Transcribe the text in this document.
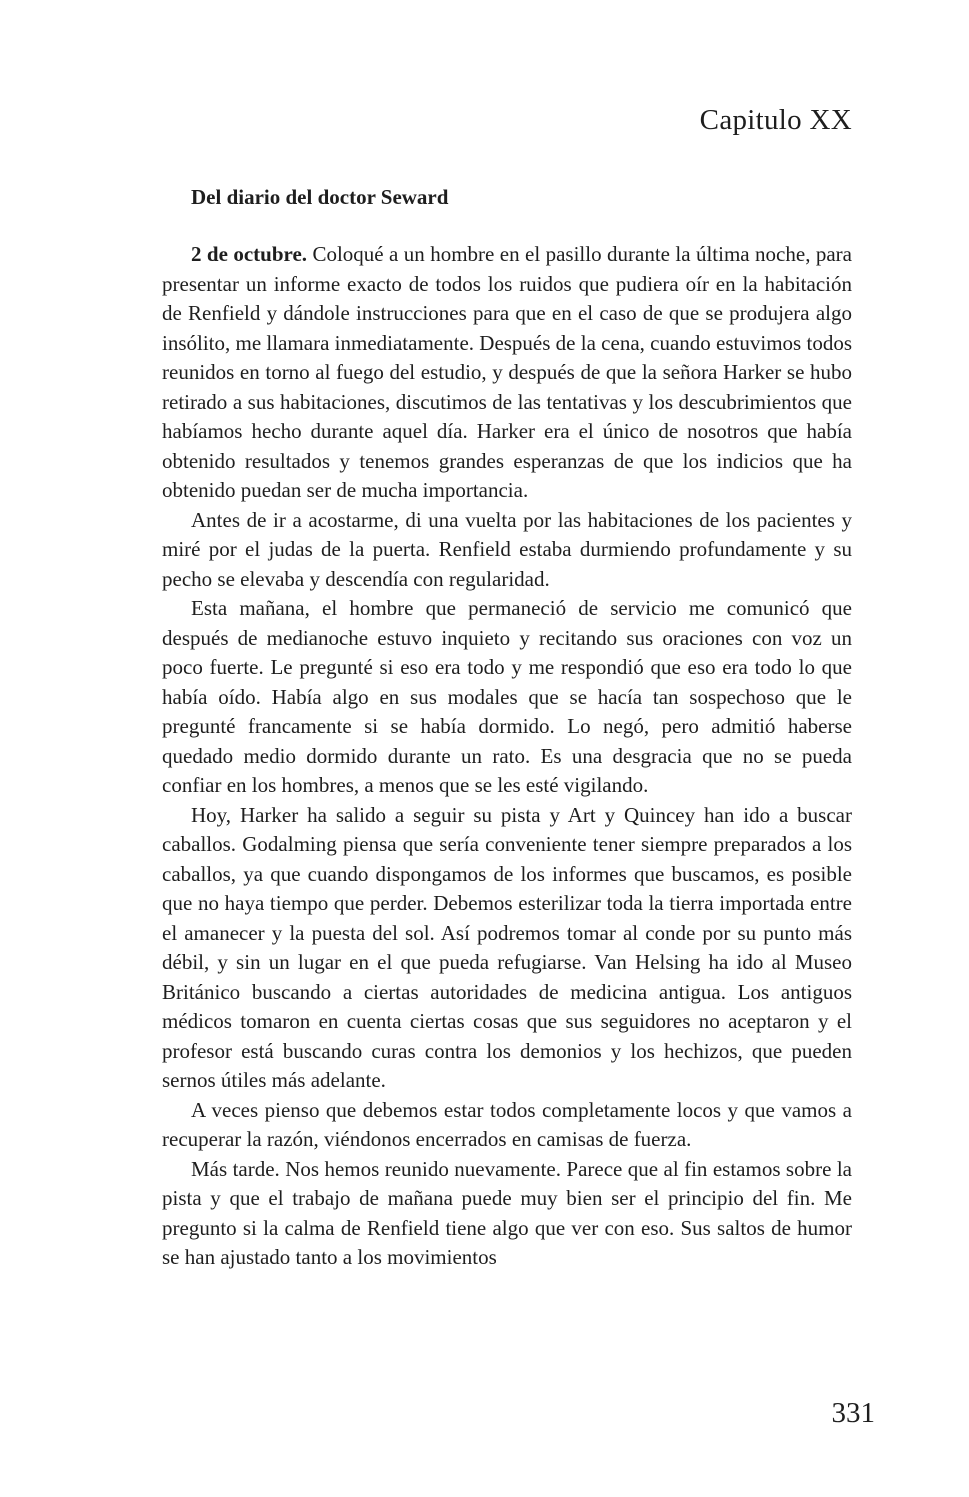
Capitulo XX
Del diario del doctor Seward

2 de octubre. Coloqué a un hombre en el pasillo durante la última noche, para presentar un informe exacto de todos los ruidos que pudiera oír en la habitación de Renfield y dándole instrucciones para que en el caso de que se produjera algo insólito, me llamara inmediatamente. Después de la cena, cuando estuvimos todos reunidos en torno al fuego del estudio, y después de que la señora Harker se hubo retirado a sus habitaciones, discutimos de las tentativas y los descubrimientos que habíamos hecho durante aquel día. Harker era el único de nosotros que había obtenido resultados y tenemos grandes esperanzas de que los indicios que ha obtenido puedan ser de mucha importancia.

Antes de ir a acostarme, di una vuelta por las habitaciones de los pacientes y miré por el judas de la puerta. Renfield estaba durmiendo profundamente y su pecho se elevaba y descendía con regularidad.

Esta mañana, el hombre que permaneció de servicio me comunicó que después de medianoche estuvo inquieto y recitando sus oraciones con voz un poco fuerte. Le pregunté si eso era todo y me respondió que eso era todo lo que había oído. Había algo en sus modales que se hacía tan sospechoso que le pregunté francamente si se había dormido. Lo negó, pero admitió haberse quedado medio dormido durante un rato. Es una desgracia que no se pueda confiar en los hombres, a menos que se les esté vigilando.

Hoy, Harker ha salido a seguir su pista y Art y Quincey han ido a buscar caballos. Godalming piensa que sería conveniente tener siempre preparados a los caballos, ya que cuando dispongamos de los informes que buscamos, es posible que no haya tiempo que perder. Debemos esterilizar toda la tierra importada entre el amanecer y la puesta del sol. Así podremos tomar al conde por su punto más débil, y sin un lugar en el que pueda refugiarse. Van Helsing ha ido al Museo Británico buscando a ciertas autoridades de medicina antigua. Los antiguos médicos tomaron en cuenta ciertas cosas que sus seguidores no aceptaron y el profesor está buscando curas contra los demonios y los hechizos, que pueden sernos útiles más adelante.

A veces pienso que debemos estar todos completamente locos y que vamos a recuperar la razón, viéndonos encerrados en camisas de fuerza.

Más tarde. Nos hemos reunido nuevamente. Parece que al fin estamos sobre la pista y que el trabajo de mañana puede muy bien ser el principio del fin. Me pregunto si la calma de Renfield tiene algo que ver con eso. Sus saltos de humor se han ajustado tanto a los movimientos

331
